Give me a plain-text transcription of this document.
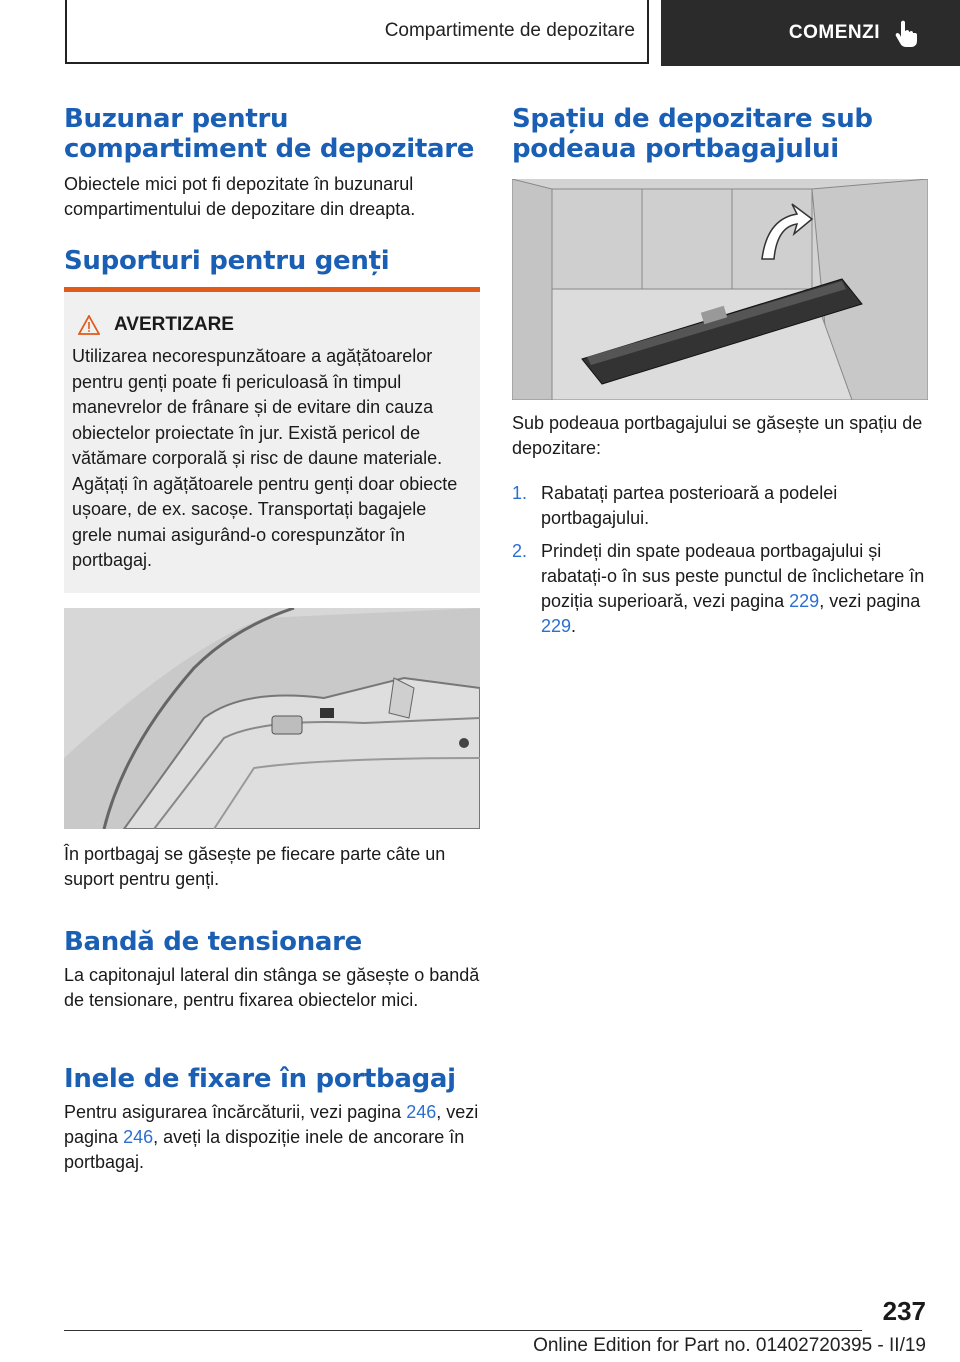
Compartimente de depozitare	COMENZI
Buzunar pentru compartiment de depozitare

Obiectele mici pot fi depozitate în buzunarul compartimentului de depozitare din dreapta.

Suporturi pentru genți
AVERTIZARE

Utilizarea necorespunzătoare a agățătoarelor pentru genți poate fi periculoasă în timpul manevrelor de frânare și de evitare din cauza obiectelor proiectate în jur. Există pericol de vătămare corporală și risc de daune materiale. Agățați în agățătoarele pentru genți doar obiecte ușoare, de ex. sacoșe. Transportați bagajele grele numai asigurând-o corespunzător în portbagaj.

În portbagaj se găsește pe fiecare parte câte un suport pentru genți.

Bandă de tensionare

La capitonajul lateral din stânga se găsește o bandă de tensionare, pentru fixarea obiectelor mici.

Inele de fixare în portbagaj

Pentru asigurarea încărcăturii, vezi pagina 246, vezi pagina 246, aveți la dispoziție inele de ancorare în portbagaj.

Spațiu de depozitare sub podeaua portbagajului

Sub podeaua portbagajului se găsește un spațiu de depozitare:

1. Rabatați partea posterioară a podelei portbagajului.
2. Prindeți din spate podeaua portbagajului și rabatați-o în sus peste punctul de înclichetare în poziția superioară, vezi pagina 229, vezi pagina 229.
237
Online Edition for Part no. 01402720395 - II/19
